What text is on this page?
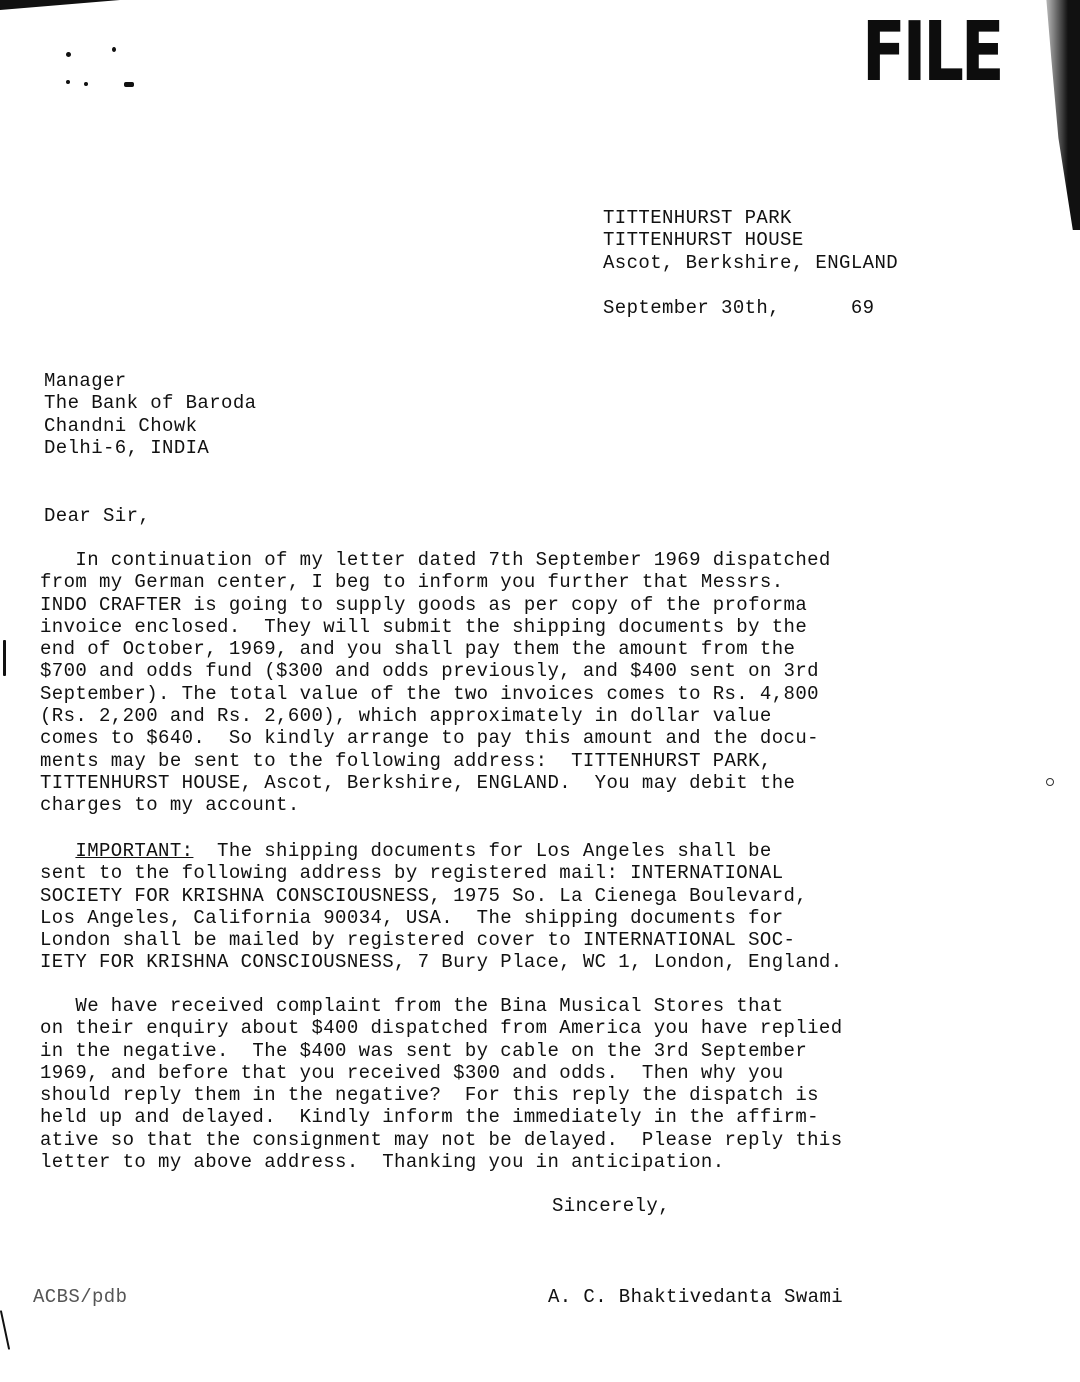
FILE
TITTENHURST PARK
TITTENHURST HOUSE
Ascot, Berkshire, ENGLAND
September 30th,      69
Manager
The Bank of Baroda
Chandni Chowk
Delhi-6, INDIA
Dear Sir,
In continuation of my letter dated 7th September 1969 dispatched
from my German center, I beg to inform you further that Messrs.
INDO CRAFTER is going to supply goods as per copy of the proforma
invoice enclosed.  They will submit the shipping documents by the
end of October, 1969, and you shall pay them the amount from the
$700 and odds fund ($300 and odds previously, and $400 sent on 3rd
September). The total value of the two invoices comes to Rs. 4,800
(Rs. 2,200 and Rs. 2,600), which approximately in dollar value
comes to $640.  So kindly arrange to pay this amount and the docu-
ments may be sent to the following address:  TITTENHURST PARK,
TITTENHURST HOUSE, Ascot, Berkshire, ENGLAND.  You may debit the
charges to my account.
IMPORTANT:  The shipping documents for Los Angeles shall be
sent to the following address by registered mail: INTERNATIONAL
SOCIETY FOR KRISHNA CONSCIOUSNESS, 1975 So. La Cienega Boulevard,
Los Angeles, California 90034, USA.  The shipping documents for
London shall be mailed by registered cover to INTERNATIONAL SOC-
IETY FOR KRISHNA CONSCIOUSNESS, 7 Bury Place, WC 1, London, England.
We have received complaint from the Bina Musical Stores that
on their enquiry about $400 dispatched from America you have replied
in the negative.  The $400 was sent by cable on the 3rd September
1969, and before that you received $300 and odds.  Then why you
should reply them in the negative?  For this reply the dispatch is
held up and delayed.  Kindly inform the immediately in the affirm-
ative so that the consignment may not be delayed.  Please reply this
letter to my above address.  Thanking you in anticipation.
Sincerely,
ACBS/pdb	A. C. Bhaktivedanta Swami
